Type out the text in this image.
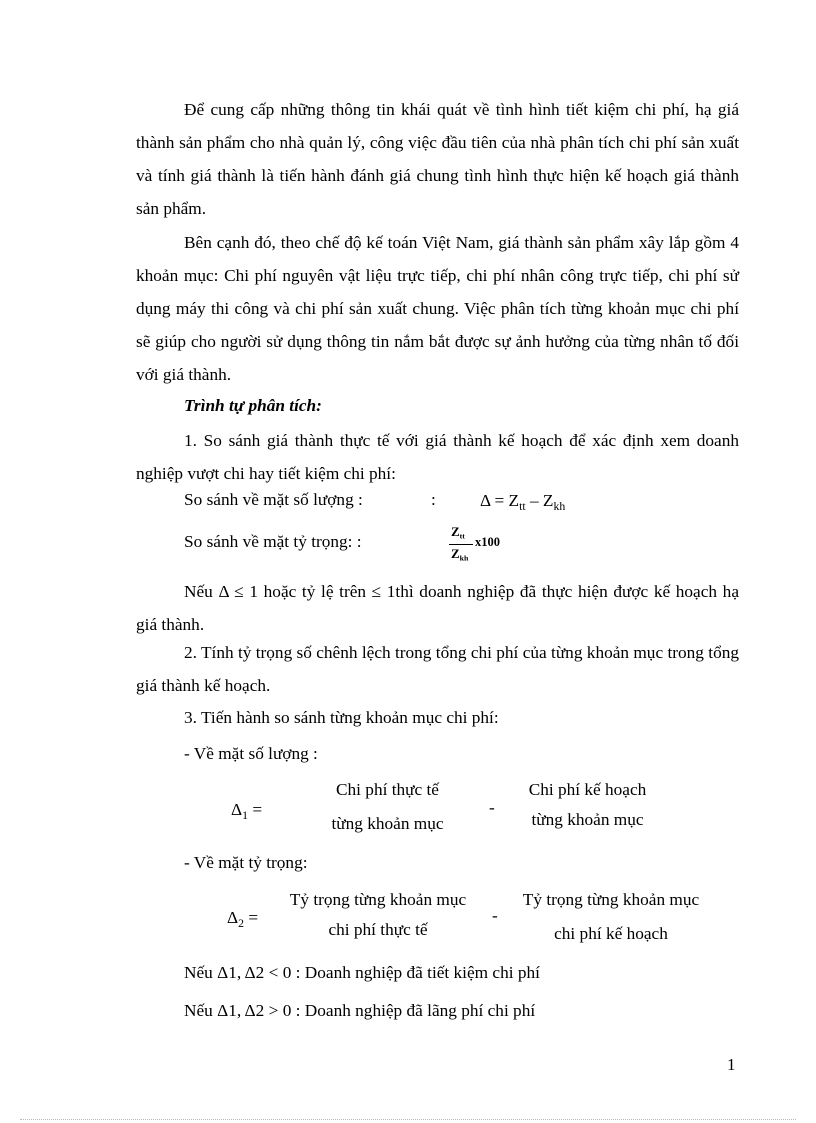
Để cung cấp những thông tin khái quát về tình hình tiết kiệm chi phí, hạ giá thành sản phẩm cho nhà quản lý, công việc đầu tiên của nhà phân tích chi phí sản xuất và tính giá thành là tiến hành đánh giá chung tình hình thực hiện kế hoạch giá thành sản phẩm.

Bên cạnh đó, theo chế độ kế toán Việt Nam, giá thành sản phẩm xây lắp gồm 4 khoản mục: Chi phí nguyên vật liệu trực tiếp, chi phí nhân công trực tiếp, chi phí sử dụng máy thi công và chi phí sản xuất chung. Việc phân tích từng khoản mục chi phí sẽ giúp cho người sử dụng thông tin nắm bắt được sự ảnh hưởng của từng nhân tố đối với giá thành.

Trình tự phân tích:

1. So sánh giá thành thực tế với giá thành kế hoạch để xác định xem doanh nghiệp vượt chi hay tiết kiệm chi phí:

So sánh về mặt số lượng :	:	$\Delta = Z_{tt} - Z_{kh}$

So sánh về mặt tỷ trọng: :

$Z_{tt}$
$Z_{kh}$
x100

Nếu Δ ≤ 1 hoặc tỷ lệ trên ≤ 1thì doanh nghiệp đã thực hiện được kế hoạch hạ giá thành.

2. Tính tỷ trọng số chênh lệch trong tổng chi phí của từng khoản mục trong tổng giá thành kế hoạch.

3. Tiến hành so sánh từng khoản mục chi phí:

- Về mặt số lượng :

$\Delta_1$ =

Chi phí thực tế
từng khoản mục

-

Chi phí kế hoạch
từng khoản mục

- Về mặt tỷ trọng:

$\Delta_2$ =

Tỷ trọng từng khoản mục
chi phí thực tế

-

Tỷ trọng từng khoản mục
chi phí kế hoạch

Nếu Δ1, Δ2 < 0 : Doanh nghiệp đã tiết kiệm chi phí

Nếu Δ1, Δ2 > 0 : Doanh nghiệp đã lãng phí chi phí

1
